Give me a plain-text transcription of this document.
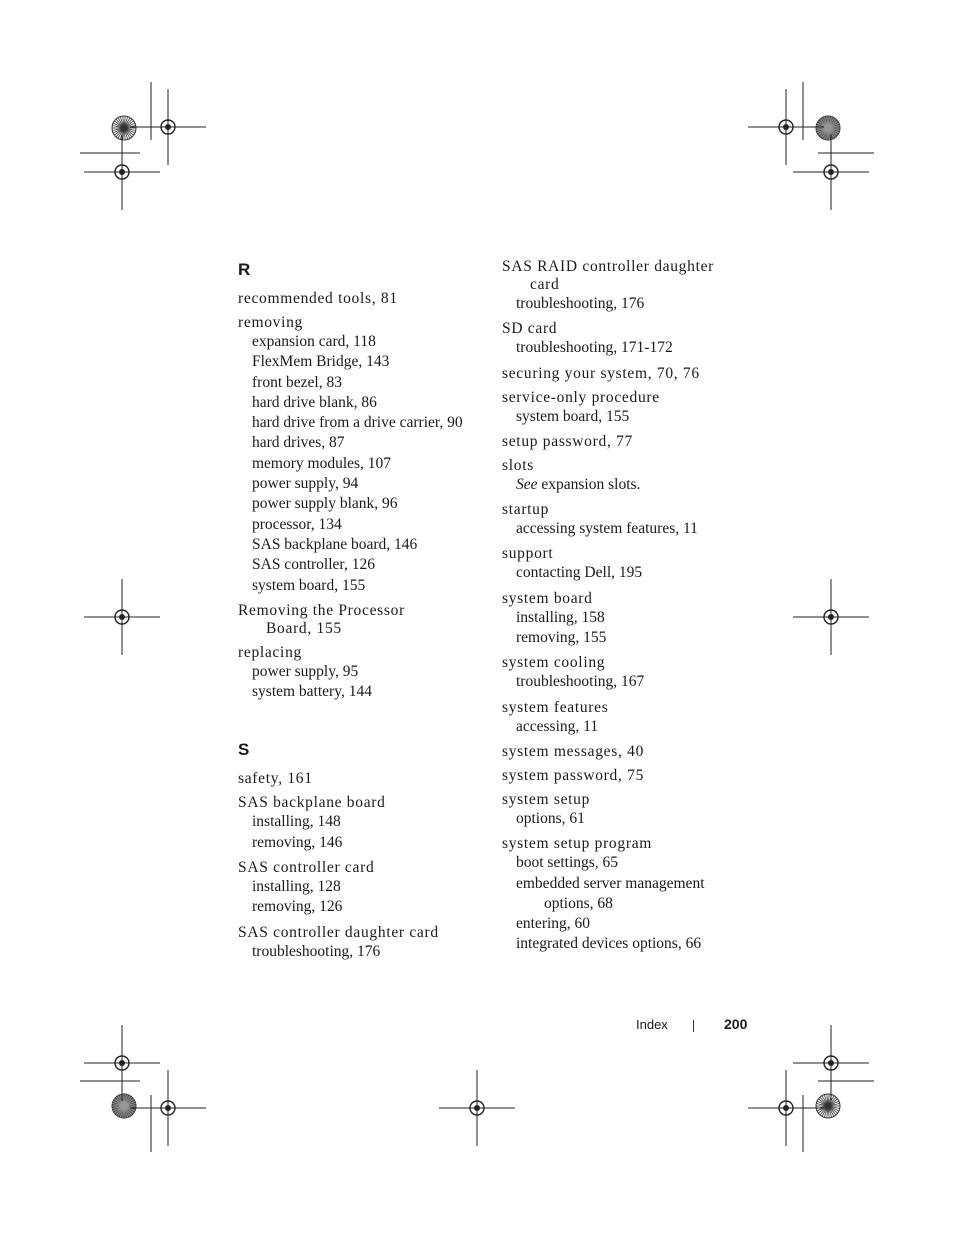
R
recommended tools, 81
removing
expansion card, 118
FlexMem Bridge, 143
front bezel, 83
hard drive blank, 86
hard drive from a drive carrier, 90
hard drives, 87
memory modules, 107
power supply, 94
power supply blank, 96
processor, 134
SAS backplane board, 146
SAS controller, 126
system board, 155
Removing the Processor
Board, 155
replacing
power supply, 95
system battery, 144
S
safety, 161
SAS backplane board
installing, 148
removing, 146
SAS controller card
installing, 128
removing, 126
SAS controller daughter card
troubleshooting, 176
SAS RAID controller daughter
card
troubleshooting, 176
SD card
troubleshooting, 171-172
securing your system, 70, 76
service-only procedure
system board, 155
setup password, 77
slots
See expansion slots.
startup
accessing system features, 11
support
contacting Dell, 195
system board
installing, 158
removing, 155
system cooling
troubleshooting, 167
system features
accessing, 11
system messages, 40
system password, 75
system setup
options, 61
system setup program
boot settings, 65
embedded server management
options, 68
entering, 60
integrated devices options, 66
Index	200
